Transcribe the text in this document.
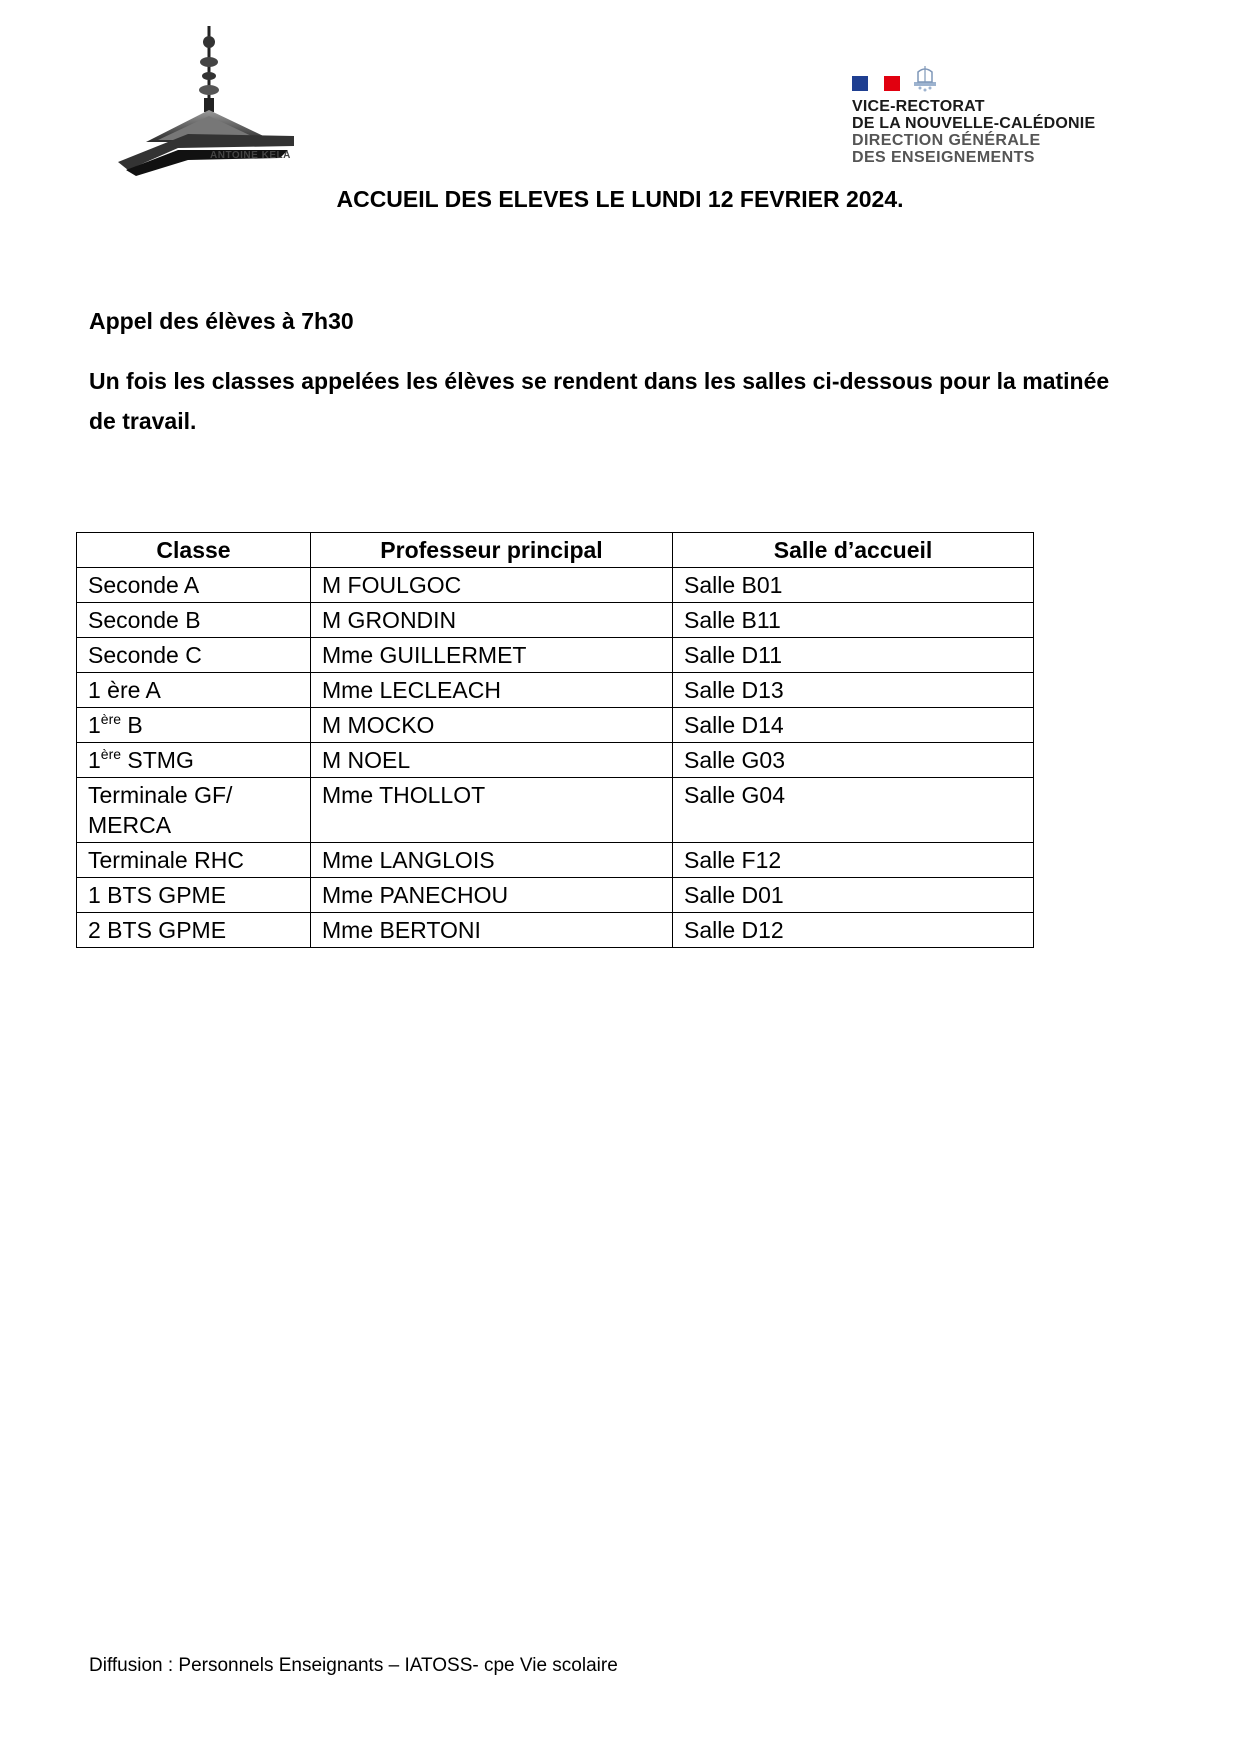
ANTOINE KELA
VICE-RECTORAT
DE LA NOUVELLE-CALÉDONIE
DIRECTION GÉNÉRALE
DES ENSEIGNEMENTS
ACCUEIL DES ELEVES LE LUNDI 12 FEVRIER 2024.

Appel des élèves à 7h30

Un fois les classes appelées les élèves se rendent dans les salles ci-dessous pour la matinée de travail.

Classe	Professeur principal	Salle d’accueil
Seconde A	M FOULGOC	Salle B01
Seconde B	M GRONDIN	Salle B11
Seconde C	Mme GUILLERMET	Salle D11
1 ère A	Mme LECLEACH	Salle D13
1ère B	M MOCKO	Salle D14
1ère STMG	M NOEL	Salle G03
Terminale GF/
MERCA	Mme THOLLOT	Salle G04
Terminale RHC	Mme LANGLOIS	Salle F12
1 BTS GPME	Mme PANECHOU	Salle D01
2 BTS GPME	Mme BERTONI	Salle D12
Diffusion : Personnels Enseignants – IATOSS- cpe Vie scolaire
